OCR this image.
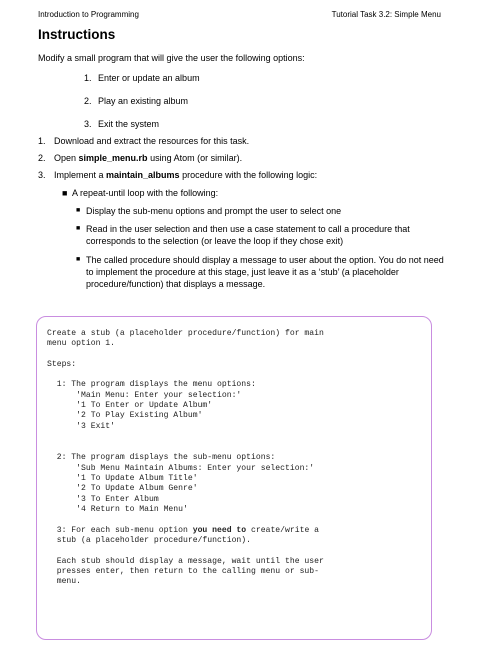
Introduction to Programming	Tutorial Task 3.2: Simple Menu
Instructions
Modify a small program that will give the user the following options:
1. Enter or update an album
2. Play an existing album
3. Exit the system
1. Download and extract the resources for this task.
2. Open simple_menu.rb using Atom (or similar).
3. Implement a maintain_albums procedure with the following logic:
■ A repeat-until loop with the following:
■ Display the sub-menu options and prompt the user to select one
■ Read in the user selection and then use a case statement to call a procedure that corresponds to the selection (or leave the loop if they chose exit)
■ The called procedure should display a message to user about the option. You do not need to implement the procedure at this stage, just leave it as a ‘stub’ (a placeholder procedure/function) that displays a message.

Create a stub (a placeholder procedure/function) for main

menu option 1.

Steps:

1: The program displays the menu options:

'Main Menu: Enter your selection:'

'1 To Enter or Update Album'

'2 To Play Existing Album'

'3 Exit'

2: The program displays the sub-menu options:

'Sub Menu Maintain Albums: Enter your selection:'

'1 To Update Album Title'

'2 To Update Album Genre'

'3 To Enter Album

'4 Return to Main Menu'

3: For each sub-menu option you need to create/write a

stub (a placeholder procedure/function).

Each stub should display a message, wait until the user

presses enter, then return to the calling menu or sub-

menu.
